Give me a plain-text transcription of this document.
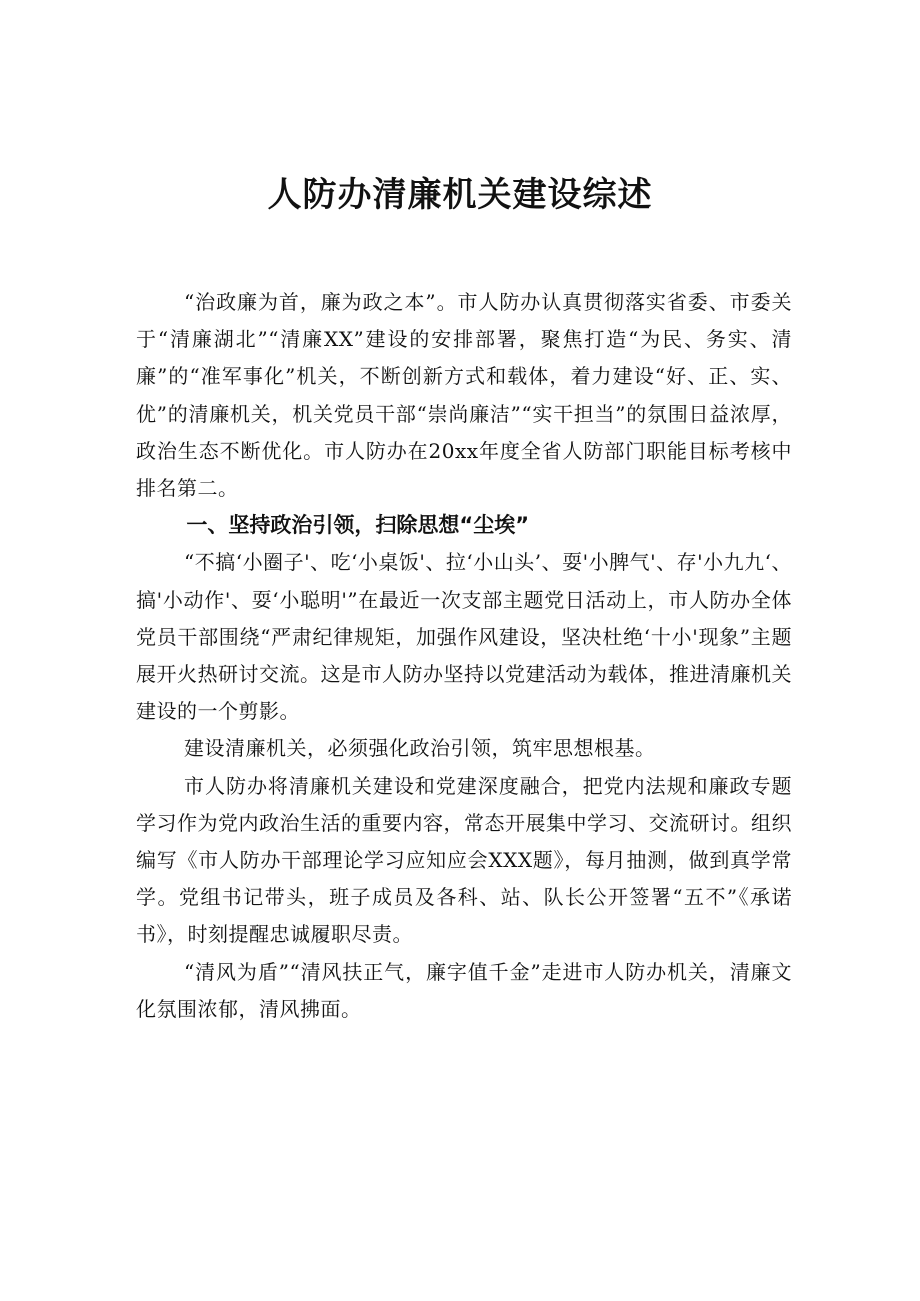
人防办清廉机关建设综述

“治政廉为首，廉为政之本”。市人防办认真贯彻落实省委、市委关于“清廉湖北”“清廉XX”建设的安排部署，聚焦打造“为民、务实、清廉”的“准军事化”机关，不断创新方式和载体，着力建设“好、正、实、优”的清廉机关，机关党员干部“崇尚廉洁”“实干担当”的氛围日益浓厚，政治生态不断优化。市人防办在20xx年度全省人防部门职能目标考核中排名第二。

一、坚持政治引领，扫除思想“尘埃”

“不搞‘小圈子'、吃‘小桌饭'、拉‘小山头’、耍'小脾气'、存'小九九‘、搞'小动作'、耍‘小聪明'”在最近一次支部主题党日活动上，市人防办全体党员干部围绕“严肃纪律规矩，加强作风建设，坚决杜绝‘十小'现象”主题展开火热研讨交流。这是市人防办坚持以党建活动为载体，推进清廉机关建设的一个剪影。

建设清廉机关，必须强化政治引领，筑牢思想根基。

市人防办将清廉机关建设和党建深度融合，把党内法规和廉政专题学习作为党内政治生活的重要内容，常态开展集中学习、交流研讨。组织编写《市人防办干部理论学习应知应会XXX题》，每月抽测，做到真学常学。党组书记带头，班子成员及各科、站、队长公开签署“五不”《承诺书》，时刻提醒忠诚履职尽责。

“清风为盾”“清风扶正气，廉字值千金”走进市人防办机关，清廉文化氛围浓郁，清风拂面。
